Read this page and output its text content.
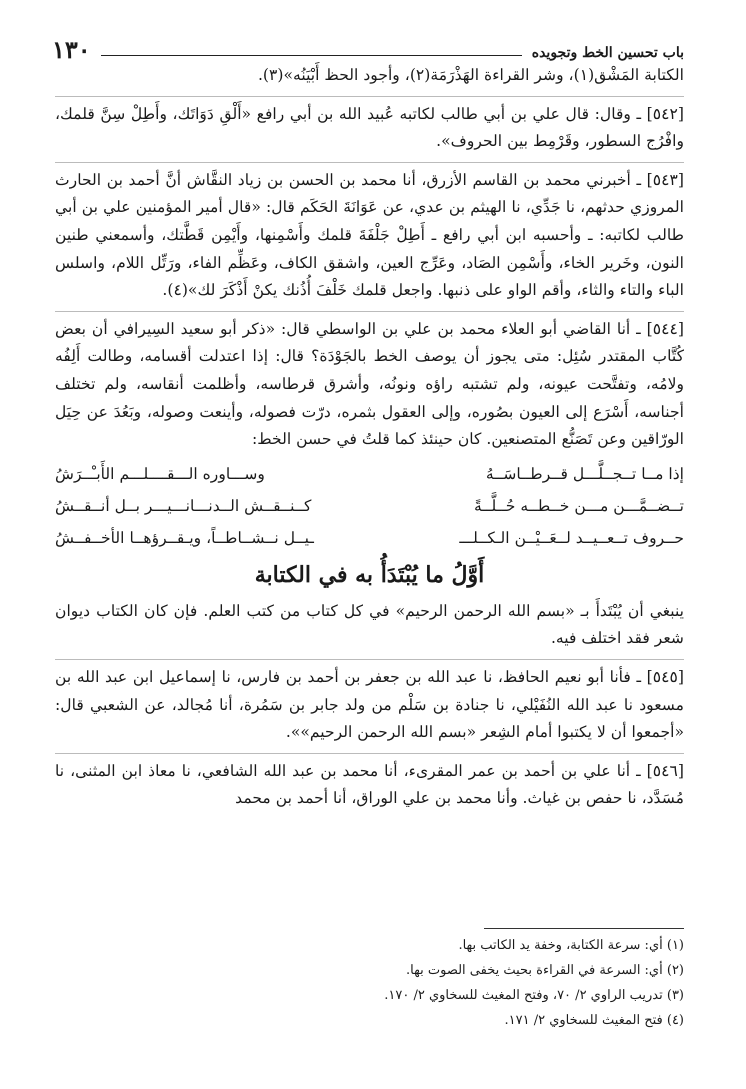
باب تحسين الخط وتجويده
١٣٠

الكتابة المَشْق(١)، وشر القراءة الهَذْرَمَة(٢)، وأجود الحظ أَبْيَنُه»(٣).

[٥٤٢] ـ وقال: قال علي بن أبي طالب لكاتبه عُبيد الله بن أبي رافع «أَلْقِ دَوَاتَك، وأَطِلْ سِنَّ قلمك، وافْرُج السطور، وقَرْمِط بين الحروف».

[٥٤٣] ـ أخبرني محمد بن القاسم الأزرق، أنا محمد بن الحسن بن زياد النقَّاش أنَّ أحمد بن الحارث المروزي حدثهم، نا جَدِّي، نا الهيثم بن عدي، عن عَوَانَةَ الحَكَم قال: «قال أمير المؤمنين علي بن أبي طالب لكاتبه: ـ وأحسبه ابن أبي رافع ـ أَطِلْ جَلْفَةَ قلمك وأَسْمِنها، وأَيْمِن قَطَّتك، وأسمعني طنين النون، وخَرير الخاء، وأَسْمِن الصَاد، وعَرِّج العين، واشقق الكاف، وعَظِّم الفاء، ورَتِّل اللام، واسلس الباء والتاء والثاء، وأقم الواو على ذنبها. واجعل قلمك خَلْفَ أُذُنك يكنْ أَذْكَرَ لك»(٤).

[٥٤٤] ـ أنا القاضي أبو العلاء محمد بن علي بن الواسطي قال: «ذكر أبو سعيد السِيرافي أن بعض كُتَّاب المقتدر سُئِل: متى يجوز أن يوصف الخط بالجَوْدَة؟ قال: إذا اعتدلت أقسامه، وطالت أَلِفُه ولامُه، وتفتَّحت عيونه، ولم تشتبه راؤه ونونُه، وأشرق قرطاسه، وأظلمت أنقاسه، ولم تختلف أجناسه، أَسْرَع إلى العيون بصُوره، وإلى العقول بثمره، درّت فصوله، وأينعت وصوله، وبَعُدَ عن حِيَل الورّاقين وعن تَصَنُّع المتصنعين. كان حينئذ كما قلتُ في حسن الخط:

إذا مــا تــجــلَّـــل قــرطــاسَــهُ
وســـاوره الـــقــــلـــم الأَبـْــرَشُ
تــضــمَّـــن مـــن خــطــه حُــلَّــةً
كــنــقــش الــدنـــانـــيـــر بــل أنــقــشُ
حــروف تــعــيــد لــعَــيْــن الـكــلـــ
ـيــل نــشــاطــاً، ويـقــرؤهــا الأخــفــشُ
أَوَّلُ ما يُبْتَدَأُ به في الكتابة

ينبغي أن يُبْتَدأَ بـ «بسم الله الرحمن الرحيم» في كل كتاب من كتب العلم. فإن كان الكتاب ديوان شعر فقد اختلف فيه.

[٥٤٥] ـ فأنا أبو نعيم الحافظ، نا عبد الله بن جعفر بن أحمد بن فارس، نا إسماعيل ابن عبد الله بن مسعود نا عبد الله النُفَيْلي، نا جنادة بن سَلْم من ولد جابر بن سَمُرة، أنا مُجالد، عن الشعبي قال: «أجمعوا أن لا يكتبوا أمام الشِعر «بسم الله الرحمن الرحيم»».

[٥٤٦] ـ أنا علي بن أحمد بن عمر المقرىء، أنا محمد بن عبد الله الشافعي، نا معاذ ابن المثنى، نا مُسَدَّد، نا حفص بن غياث. وأنا محمد بن علي الوراق، أنا أحمد بن محمد

(١) أي: سرعة الكتابة، وخفة يد الكاتب بها.

(٢) أي: السرعة في القراءة بحيث يخفى الصوت بها.

(٣) تدريب الراوي ٢/ ٧٠، وفتح المغيث للسخاوي ٢/ ١٧٠.

(٤) فتح المغيث للسخاوي ٢/ ١٧١.
